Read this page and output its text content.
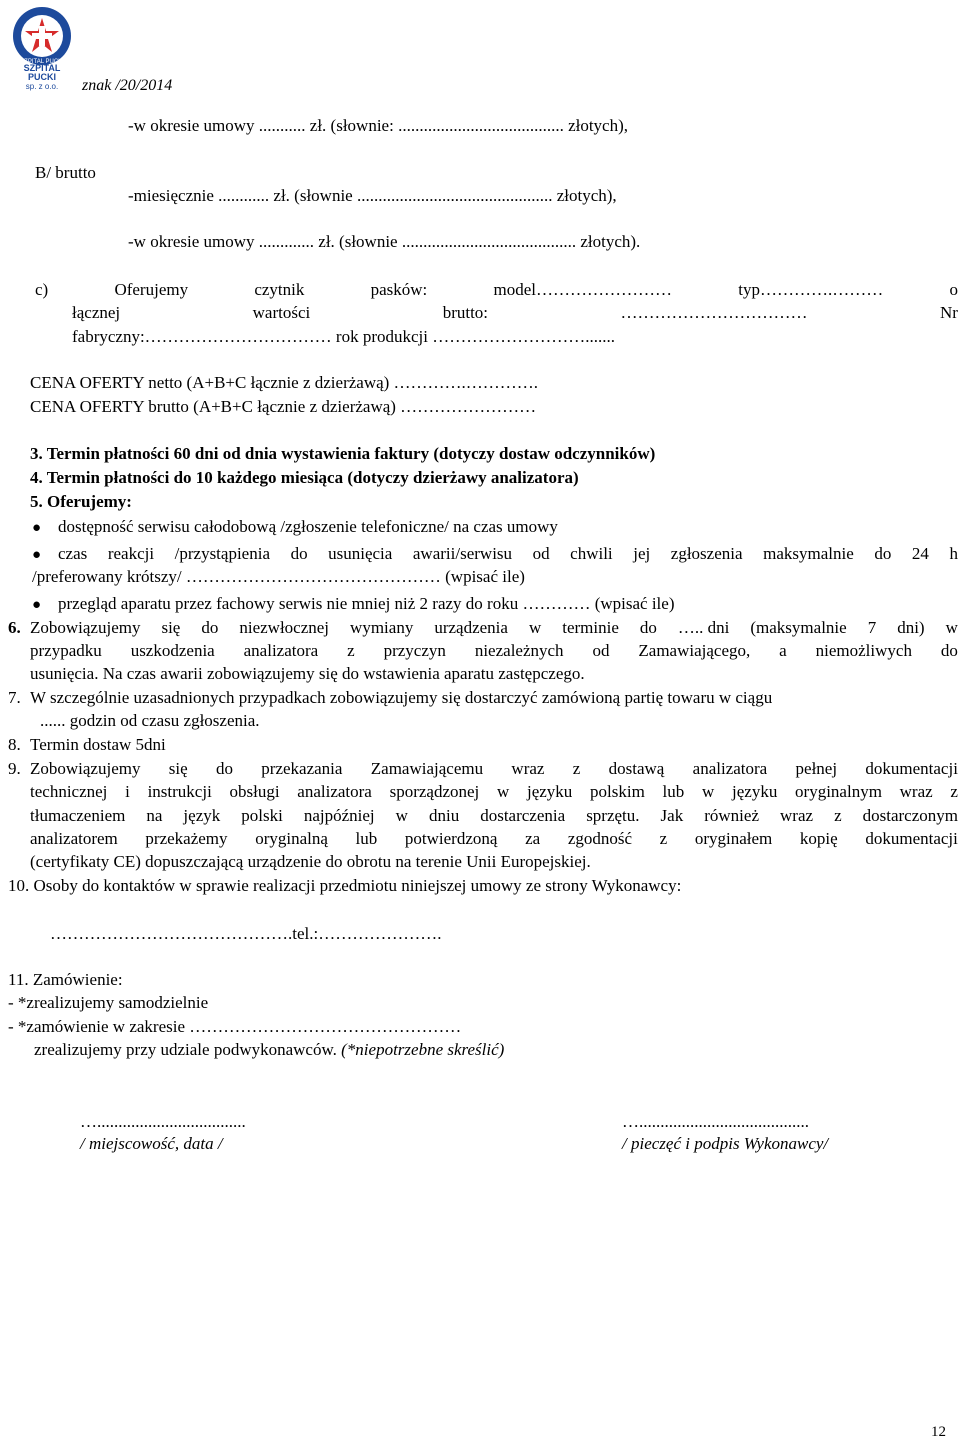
SZPITAL PUCKI
SZPITAL PUCKI
sp. z o.o.	znak /20/2014
-w okresie umowy ........... zł. (słownie: ....................................... złotych),
B/ brutto
-miesięcznie ............ zł. (słownie .............................................. złotych),
-w okresie umowy ............. zł. (słownie ......................................... złotych).
c)	Oferujemy	czytnik	pasków:	model……………………	typ………….………	o
łącznej	wartości	brutto:	……………………………	Nr
fabryczny:…………………………… rok produkcji ……………………….......
CENA OFERTY netto (A+B+C łącznie z dzierżawą) ………….………….
CENA OFERTY brutto (A+B+C łącznie z dzierżawą) ……………………
3. Termin płatności 60 dni od dnia wystawienia faktury (dotyczy dostaw odczynników)
4. Termin płatności do 10 każdego miesiąca (dotyczy dzierżawy analizatora)
5. Oferujemy:
● dostępność serwisu całodobową /zgłoszenie telefoniczne/ na czas umowy
● czas reakcji /przystąpienia do usunięcia awarii/serwisu od chwili jej zgłoszenia maksymalnie do 24 h
/preferowany krótszy/ ……………………………………… (wpisać ile)
● przegląd aparatu przez fachowy serwis nie mniej niż 2 razy do roku ………… (wpisać ile)
6. Zobowiązujemy się do niezwłocznej wymiany urządzenia w terminie do ….. dni (maksymalnie 7 dni) w
przypadku uszkodzenia analizatora z przyczyn niezależnych od Zamawiającego, a niemożliwych do
usunięcia. Na czas awarii zobowiązujemy się do wstawienia aparatu zastępczego.
7. W szczególnie uzasadnionych przypadkach zobowiązujemy się dostarczyć zamówioną partię towaru w ciągu
...... godzin od czasu zgłoszenia.
8. Termin dostaw 5dni
9. Zobowiązujemy się do przekazania Zamawiającemu wraz z dostawą analizatora pełnej dokumentacji
technicznej i instrukcji obsługi analizatora sporządzonej w języku polskim lub w języku oryginalnym wraz z
tłumaczeniem na język polski najpóźniej w dniu dostarczenia sprzętu. Jak również wraz z dostarczonym
analizatorem przekażemy oryginalną lub potwierdzoną za zgodność z oryginałem kopię dokumentacji
(certyfikaty CE) dopuszczającą urządzenie do obrotu na terenie Unii Europejskiej.
10. Osoby do kontaktów w sprawie realizacji przedmiotu niniejszej umowy ze strony Wykonawcy:
…………………………………….tel.:………………….
11. Zamówienie:
- *zrealizujemy samodzielnie
- *zamówienie w zakresie …………………………………………
zrealizujemy przy udziale podwykonawców. (*niepotrzebne skreślić)
…...................................
/ miejscowość, data /
…........................................
/ pieczęć i podpis Wykonawcy/
12
